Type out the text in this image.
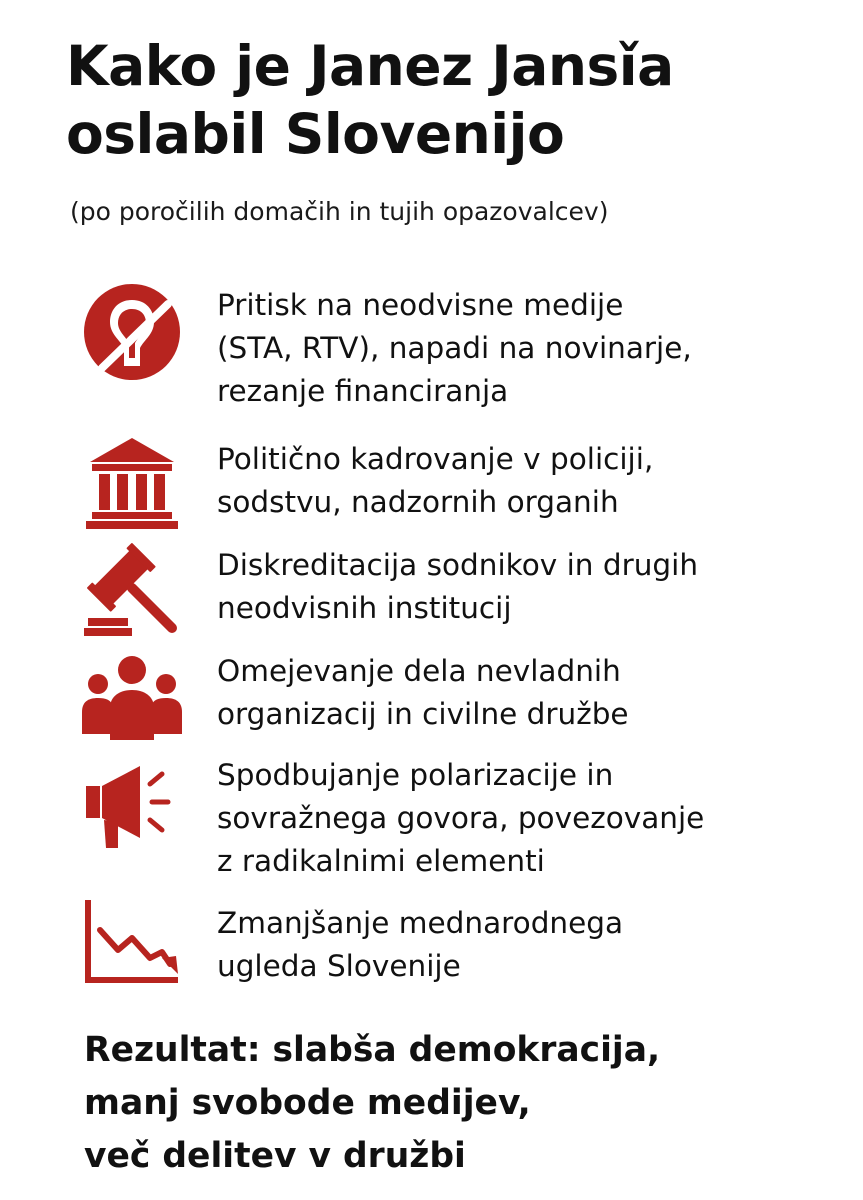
Kako je Janez Jansǐa
oslabil Slovenijo
(po poročilih domačih in tujih opazovalcev)
Pritisk na neodvisne medije
(STA, RTV), napadi na novinarje,
rezanje financiranja
Politično kadrovanje v policiji,
sodstvu, nadzornih organih
Diskreditacija sodnikov in drugih
neodvisnih institucij
Omejevanje dela nevladnih
organizacij in civilne družbe
Spodbujanje polarizacije in
sovražnega govora, povezovanje
z radikalnimi elementi
Zmanjšanje mednarodnega
ugleda Slovenije
Rezultat: slabša demokracija,
manj svobode medijev,
več delitev v družbi
